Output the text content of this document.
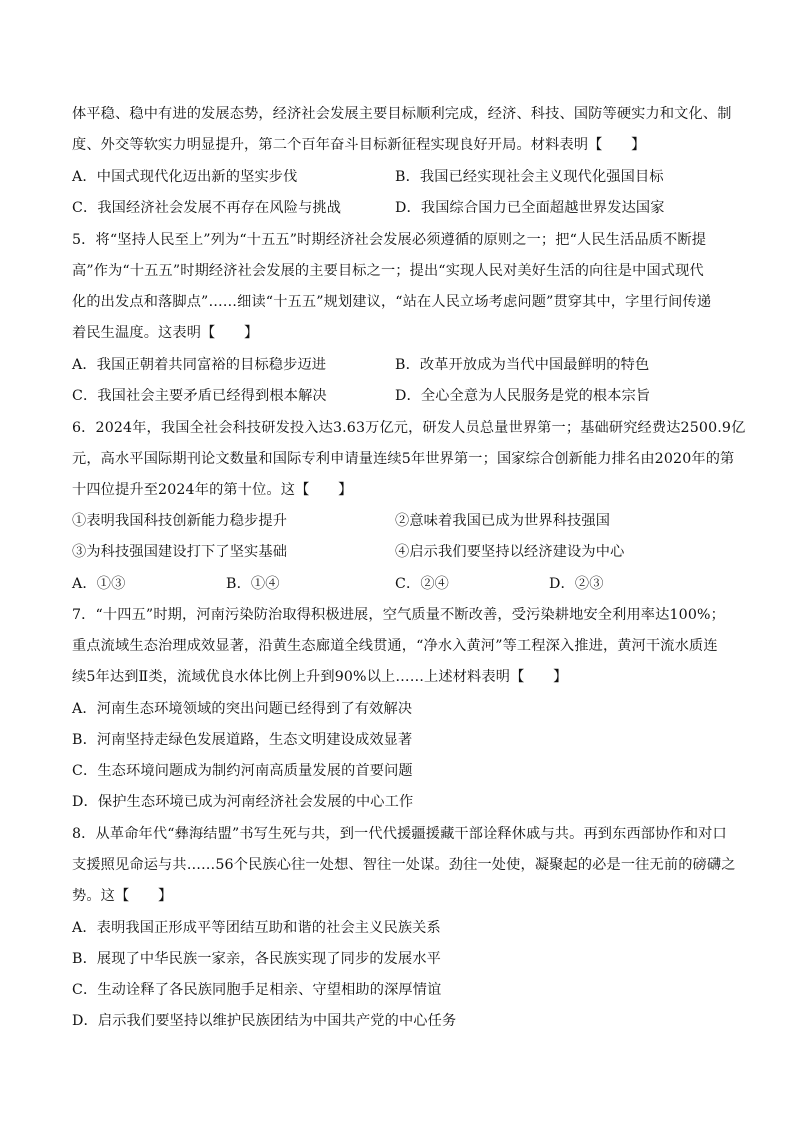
体平稳、稳中有进的发展态势，经济社会发展主要目标顺利完成，经济、科技、国防等硬实力和文化、制
度、外交等软实力明显提升，第二个百年奋斗目标新征程实现良好开局。材料表明【　　】
A．中国式现代化迈出新的坚实步伐	B．我国已经实现社会主义现代化强国目标
C．我国经济社会发展不再存在风险与挑战	D．我国综合国力已全面超越世界发达国家
5．将“坚持人民至上”列为“十五五”时期经济社会发展必须遵循的原则之一；把“人民生活品质不断提
高”作为“十五五”时期经济社会发展的主要目标之一；提出“实现人民对美好生活的向往是中国式现代
化的出发点和落脚点”……细读“十五五”规划建议，“站在人民立场考虑问题”贯穿其中，字里行间传递
着民生温度。这表明【　　】
A．我国正朝着共同富裕的目标稳步迈进	B．改革开放成为当代中国最鲜明的特色
C．我国社会主要矛盾已经得到根本解决	D．全心全意为人民服务是党的根本宗旨
6．2024年，我国全社会科技研发投入达3.63万亿元，研发人员总量世界第一；基础研究经费达2500.9亿
元，高水平国际期刊论文数量和国际专利申请量连续5年世界第一；国家综合创新能力排名由2020年的第
十四位提升至2024年的第十位。这【　　】
①表明我国科技创新能力稳步提升	②意味着我国已成为世界科技强国
③为科技强国建设打下了坚实基础	④启示我们要坚持以经济建设为中心
A．①③	B．①④	C．②④	D．②③
7．“十四五”时期，河南污染防治取得积极进展，空气质量不断改善，受污染耕地安全利用率达100%；
重点流域生态治理成效显著，沿黄生态廊道全线贯通，“净水入黄河”等工程深入推进，黄河干流水质连
续5年达到Ⅱ类，流域优良水体比例上升到90%以上……上述材料表明【　　】
A．河南生态环境领域的突出问题已经得到了有效解决
B．河南坚持走绿色发展道路，生态文明建设成效显著
C．生态环境问题成为制约河南高质量发展的首要问题
D．保护生态环境已成为河南经济社会发展的中心工作
8．从革命年代“彝海结盟”书写生死与共，到一代代援疆援藏干部诠释休戚与共。再到东西部协作和对口
支援照见命运与共……56个民族心往一处想、智往一处谋。劲往一处使，凝聚起的必是一往无前的磅礴之
势。这【　　】
A．表明我国正形成平等团结互助和谐的社会主义民族关系
B．展现了中华民族一家亲，各民族实现了同步的发展水平
C．生动诠释了各民族同胞手足相亲、守望相助的深厚情谊
D．启示我们要坚持以维护民族团结为中国共产党的中心任务
